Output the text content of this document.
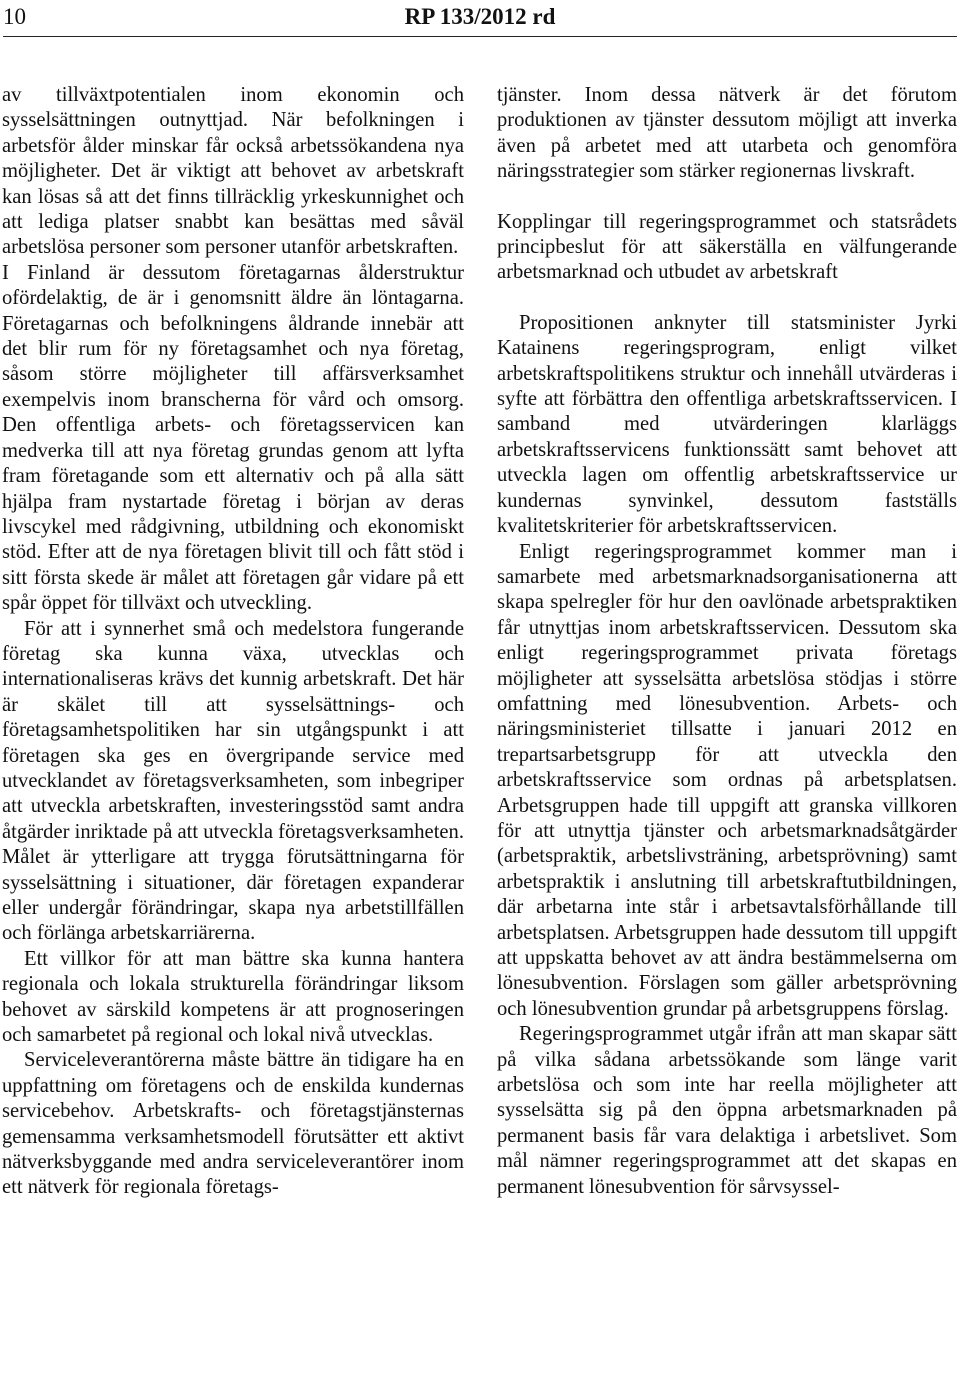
10	RP 133/2012 rd

av tillväxtpotentialen inom ekonomin och sysselsättningen outnyttjad. När befolkningen i arbetsför ålder minskar får också arbetssökandena nya möjligheter. Det är viktigt att behovet av arbetskraft kan lösas så att det finns tillräcklig yrkeskunnighet och att lediga platser snabbt kan besättas med såväl arbetslösa personer som personer utanför arbetskraften.

I Finland är dessutom företagarnas ålderstruktur ofördelaktig, de är i genomsnitt äldre än löntagarna. Företagarnas och befolkningens åldrande innebär att det blir rum för ny företagsamhet och nya företag, såsom större möjligheter till affärsverksamhet exempelvis inom branscherna för vård och omsorg. Den offentliga arbets- och företagsservicen kan medverka till att nya företag grundas genom att lyfta fram företagande som ett alternativ och på alla sätt hjälpa fram nystartade företag i början av deras livscykel med rådgivning, utbildning och ekonomiskt stöd. Efter att de nya företagen blivit till och fått stöd i sitt första skede är målet att företagen går vidare på ett spår öppet för tillväxt och utveckling.

För att i synnerhet små och medelstora fungerande företag ska kunna växa, utvecklas och internationaliseras krävs det kunnig arbetskraft. Det här är skälet till att sysselsättnings- och företagsamhetspolitiken har sin utgångspunkt i att företagen ska ges en övergripande service med utvecklandet av företagsverksamheten, som inbegriper att utveckla arbetskraften, investeringsstöd samt andra åtgärder inriktade på att utveckla företagsverksamheten. Målet är ytterligare att trygga förutsättningarna för sysselsättning i situationer, där företagen expanderar eller undergår förändringar, skapa nya arbetstillfällen och förlänga arbetskarriärerna.

Ett villkor för att man bättre ska kunna hantera regionala och lokala strukturella förändringar liksom behovet av särskild kompetens är att prognoseringen och samarbetet på regional och lokal nivå utvecklas.

Serviceleverantörerna måste bättre än tidigare ha en uppfattning om företagens och de enskilda kundernas servicebehov. Arbetskrafts- och företagstjänsternas gemensamma verksamhetsmodell förutsätter ett aktivt nätverksbyggande med andra serviceleverantörer inom ett nätverk för regionala företags-

tjänster. Inom dessa nätverk är det förutom produktionen av tjänster dessutom möjligt att inverka även på arbetet med att utarbeta och genomföra näringsstrategier som stärker regionernas livskraft.

Kopplingar till regeringsprogrammet och statsrådets principbeslut för att säkerställa en välfungerande arbetsmarknad och utbudet av arbetskraft

Propositionen anknyter till statsminister Jyrki Katainens regeringsprogram, enligt vilket arbetskraftspolitikens struktur och innehåll utvärderas i syfte att förbättra den offentliga arbetskraftsservicen. I samband med utvärderingen klarläggs arbetskraftsservicens funktionssätt samt behovet att utveckla lagen om offentlig arbetskraftsservice ur kundernas synvinkel, dessutom fastställs kvalitetskriterier för arbetskraftsservicen.

Enligt regeringsprogrammet kommer man i samarbete med arbetsmarknadsorganisationerna att skapa spelregler för hur den oavlönade arbetspraktiken får utnyttjas inom arbetskraftsservicen. Dessutom ska enligt regeringsprogrammet privata företags möjligheter att sysselsätta arbetslösa stödjas i större omfattning med lönesubvention. Arbets- och näringsministeriet tillsatte i januari 2012 en trepartsarbetsgrupp för att utveckla den arbetskraftsservice som ordnas på arbetsplatsen. Arbetsgruppen hade till uppgift att granska villkoren för att utnyttja tjänster och arbetsmarknadsåtgärder (arbetspraktik, arbetslivsträning, arbetsprövning) samt arbetspraktik i anslutning till arbetskraftutbildningen, där arbetarna inte står i arbetsavtalsförhållande till arbetsplatsen. Arbetsgruppen hade dessutom till uppgift att uppskatta behovet av att ändra bestämmelserna om lönesubvention. Förslagen som gäller arbetsprövning och lönesubvention grundar på arbetsgruppens förslag.

Regeringsprogrammet utgår ifrån att man skapar sätt på vilka sådana arbetssökande som länge varit arbetslösa och som inte har reella möjligheter att sysselsätta sig på den öppna arbetsmarknaden på permanent basis får vara delaktiga i arbetslivet. Som mål nämner regeringsprogrammet att det skapas en permanent lönesubvention för sårvsyssel-
